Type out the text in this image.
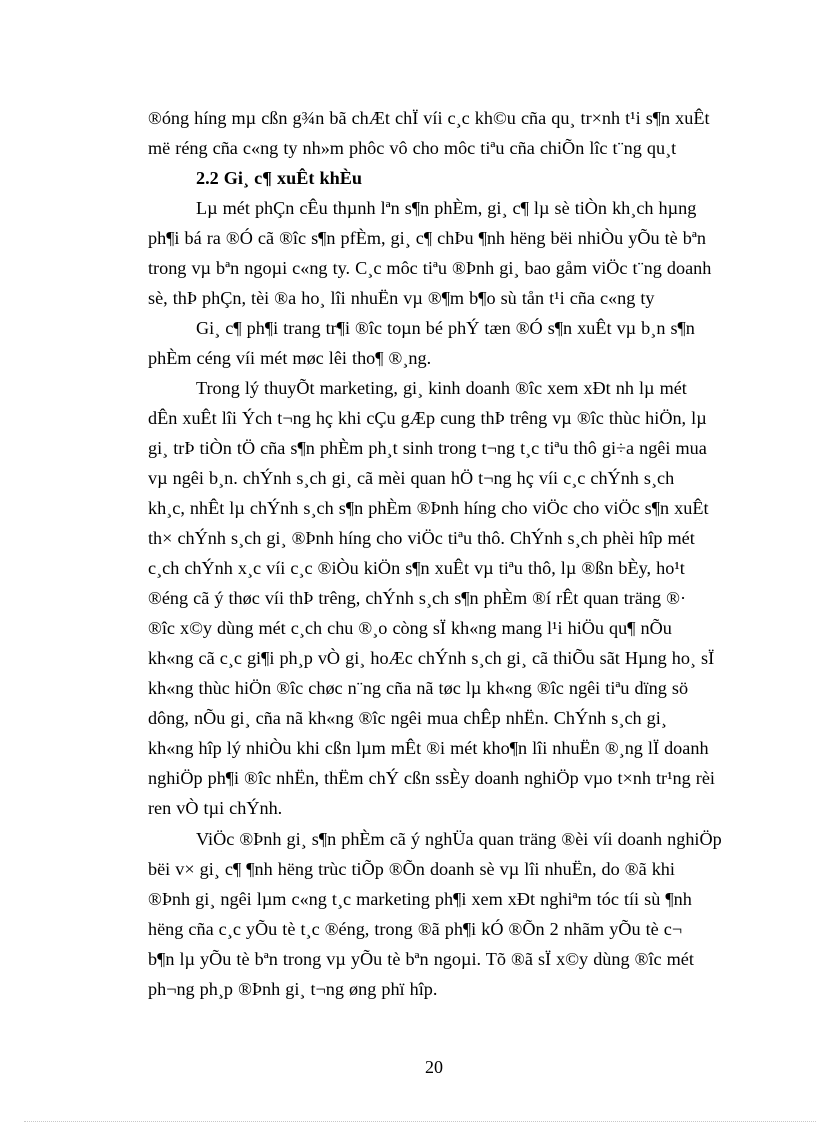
®óng híng mµ cßn g¾n bã chÆt chÏ víi c¸c kh©u cña qu¸ tr×nh t¹i s¶n xuÊt
më réng cña c«ng ty nh»m phôc vô cho môc tiªu cña chiÕn lîc t¨ng qu¸t
2.2 Gi¸ c¶ xuÊt khÈu
Lµ mét phÇn cÊu thµnh lªn s¶n phÈm, gi¸ c¶ lµ sè tiÒn kh¸ch hµng
ph¶i bá ra ®Ó cã ®îc s¶n pfÈm, gi¸ c¶ chÞu ¶nh hëng bëi nhiÒu yÕu tè bªn
trong vµ bªn ngoµi c«ng ty. C¸c môc tiªu ®Þnh gi¸ bao gåm viÖc t¨ng doanh
sè, thÞ phÇn, tèi ®a ho¸ lîi nhuËn vµ ®¶m b¶o sù tån t¹i cña c«ng ty
Gi¸ c¶ ph¶i trang tr¶i ®îc toµn bé phÝ tæn ®Ó s¶n xuÊt vµ b¸n s¶n
phÈm céng víi mét møc lêi tho¶ ®¸ng.
Trong lý thuyÕt marketing, gi¸ kinh doanh ®îc xem xÐt nh lµ mét
dÊn xuÊt lîi Ých t¬ng hç khi cÇu gÆp cung thÞ trêng vµ ®îc thùc hiÖn, lµ
gi¸ trÞ tiÒn tÖ cña s¶n phÈm ph¸t sinh trong t¬ng t¸c tiªu thô gi÷a ngêi mua
vµ ngêi b¸n. chÝnh s¸ch gi¸ cã mèi quan hÖ t¬ng hç víi c¸c chÝnh s¸ch
kh¸c, nhÊt lµ chÝnh s¸ch s¶n phÈm ®Þnh híng cho viÖc cho viÖc s¶n xuÊt
th× chÝnh s¸ch gi¸ ®Þnh híng cho viÖc tiªu thô. ChÝnh s¸ch phèi hîp mét
c¸ch chÝnh x¸c víi c¸c ®iÒu kiÖn s¶n xuÊt vµ tiªu thô, lµ ®ßn bÈy, ho¹t
®éng cã ý thøc víi thÞ trêng, chÝnh s¸ch s¶n phÈm ®í rÊt quan träng ®·
®îc x©y dùng mét c¸ch chu ®¸o còng sÏ kh«ng mang l¹i hiÖu qu¶ nÕu
kh«ng cã c¸c gi¶i ph¸p vÒ gi¸ hoÆc chÝnh s¸ch gi¸ cã thiÕu sãt Hµng ho¸ sÏ
kh«ng thùc hiÖn ®îc chøc n¨ng cña nã tøc lµ kh«ng ®îc ngêi tiªu dïng sö
dông, nÕu gi¸ cña nã kh«ng ®îc ngêi mua chÊp nhËn. ChÝnh s¸ch gi¸
kh«ng hîp lý nhiÒu khi cßn lµm mÊt ®i mét kho¶n lîi nhuËn ®¸ng lÏ doanh
nghiÖp ph¶i ®îc nhËn, thËm chÝ cßn ssÈy doanh nghiÖp vµo t×nh tr¹ng rèi
ren vÒ tµi chÝnh.
ViÖc ®Þnh gi¸ s¶n phÈm cã ý nghÜa quan träng ®èi víi doanh nghiÖp
bëi v× gi¸ c¶ ¶nh hëng trùc tiÕp ®Õn doanh sè vµ lîi nhuËn, do ®ã khi
®Þnh gi¸ ngêi lµm c«ng t¸c marketing ph¶i xem xÐt nghiªm tóc tíi sù ¶nh
hëng cña c¸c yÕu tè t¸c ®éng, trong ®ã ph¶i kÓ ®Õn 2 nhãm yÕu tè c¬
b¶n lµ yÕu tè bªn trong vµ yÕu tè bªn ngoµi. Tõ ®ã sÏ x©y dùng ®îc mét
ph¬ng ph¸p ®Þnh gi¸ t¬ng øng phï hîp.
20
